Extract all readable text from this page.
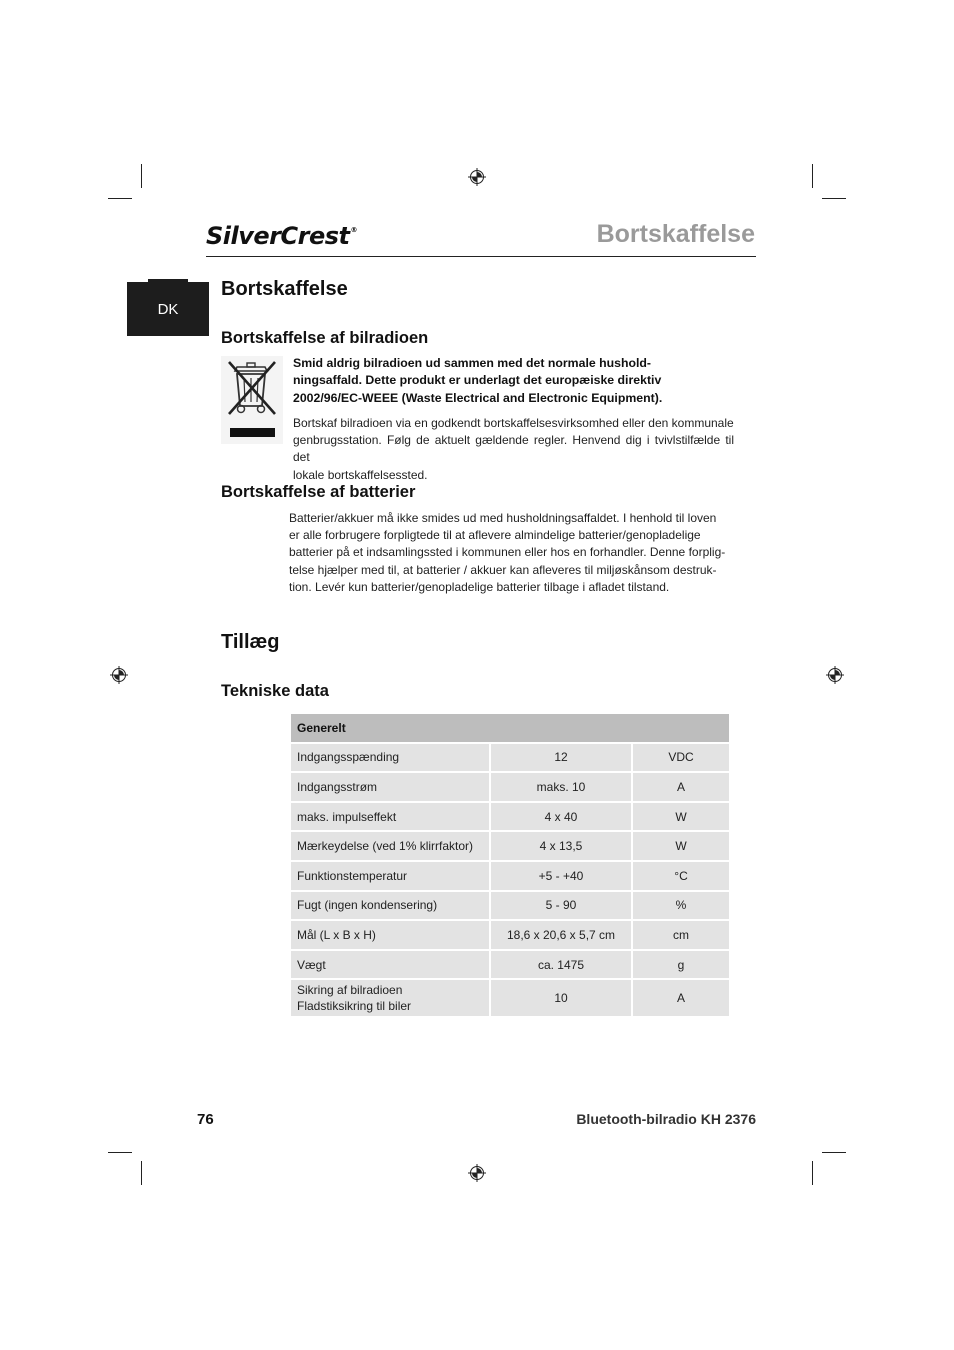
SilverCrest®	Bortskaffelse
DK
Bortskaffelse
Bortskaffelse af bilradioen
Smid aldrig bilradioen ud sammen med det normale hushold-
ningsaffald. Dette produkt er underlagt det europæiske direktiv
2002/96/EC-WEEE (Waste Electrical and Electronic Equipment).
Bortskaf bilradioen via en godkendt bortskaffelsesvirksomhed eller den kommunale
genbrugsstation. Følg de aktuelt gældende regler. Henvend dig i tvivlstilfælde til det
lokale bortskaffelsessted.
Bortskaffelse af batterier
Batterier/akkuer må ikke smides ud med husholdningsaffaldet. I henhold til loven
er alle forbrugere forpligtede til at aflevere almindelige batterier/genopladelige
batterier på et indsamlingssted i kommunen eller hos en forhandler. Denne forplig-
telse hjælper med til, at batterier / akkuer kan afleveres til miljøskånsom destruk-
tion. Levér kun batterier/genopladelige batterier tilbage i afladet tilstand.
Tillæg
Tekniske data
Generelt		
Indgangsspænding	12	VDC
Indgangsstrøm	maks. 10	A
maks. impulseffekt	4 x 40	W
Mærkeydelse (ved 1% klirrfaktor)	4 x 13,5	W
Funktionstemperatur	+5 - +40	°C
Fugt (ingen kondensering)	5 - 90	%
Mål (L x B x H)	18,6 x 20,6 x 5,7 cm	cm
Vægt	ca. 1475	g

Sikring af bilradioen
Fladstiksikring til biler	10	A
76	Bluetooth-bilradio KH 2376
